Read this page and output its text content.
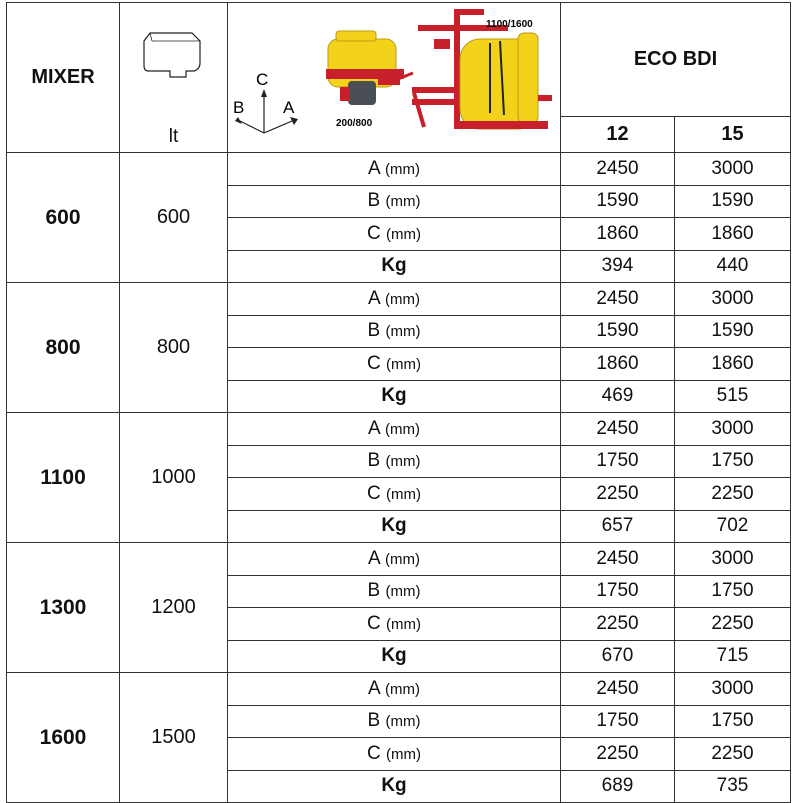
MIXER	lt	C
B A
200/800
1100/1600	ECO BDI	
			12	15
600	600	A (mm)	2450	3000
		B (mm)	1590	1590
		C (mm)	1860	1860
		Kg	394	440
800	800	A (mm)	2450	3000
		B (mm)	1590	1590
		C (mm)	1860	1860
		Kg	469	515
1100	1000	A (mm)	2450	3000
		B (mm)	1750	1750
		C (mm)	2250	2250
		Kg	657	702
1300	1200	A (mm)	2450	3000
		B (mm)	1750	1750
		C (mm)	2250	2250
		Kg	670	715
1600	1500	A (mm)	2450	3000
		B (mm)	1750	1750
		C (mm)	2250	2250
		Kg	689	735
